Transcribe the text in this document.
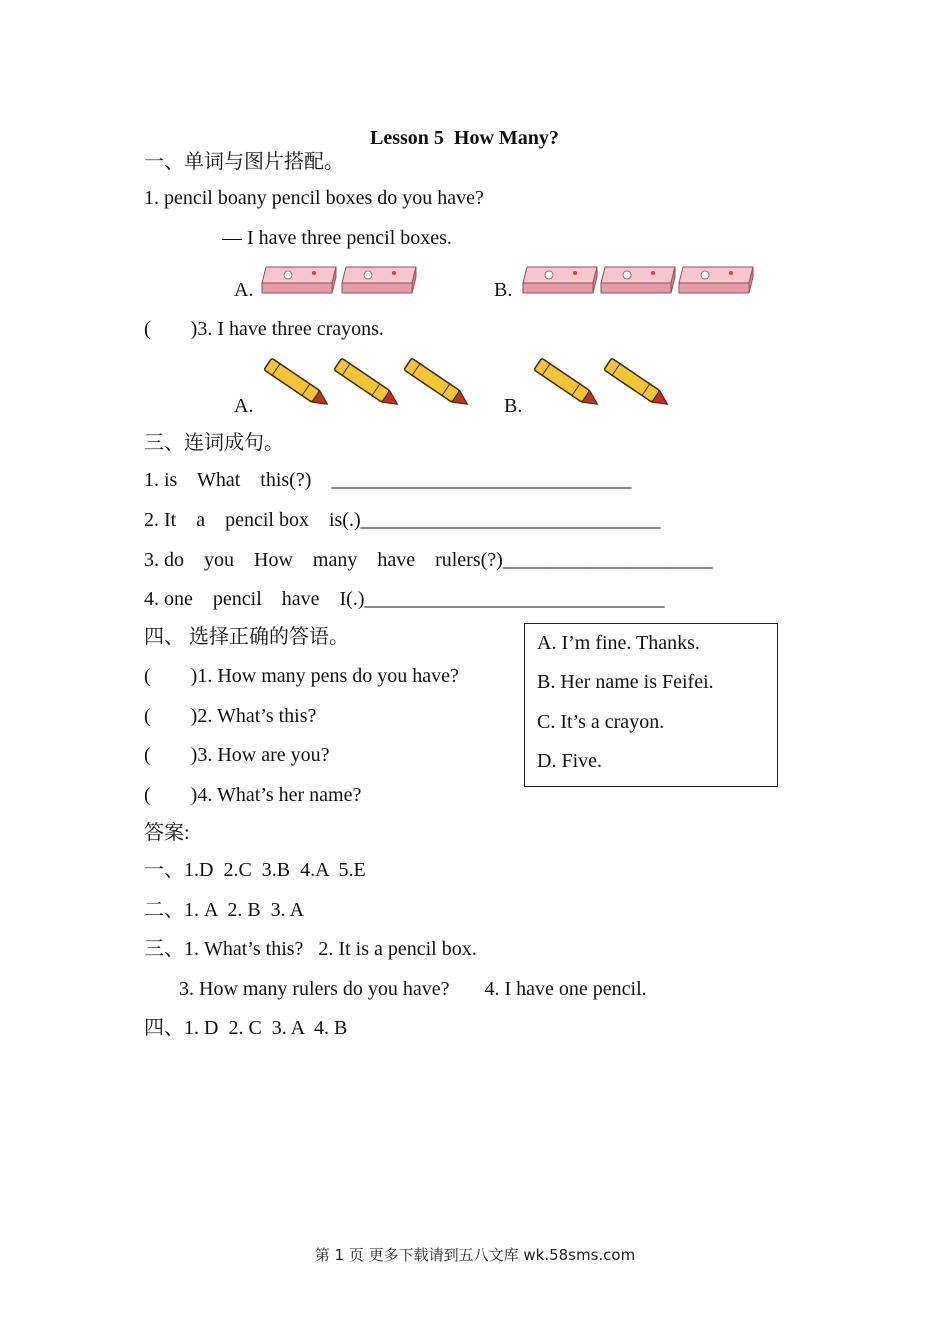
Lesson 5  How Many?
一、单词与图片搭配。
1. pencil boany pencil boxes do you have?
— I have three pencil boxes.
A.	B.
(        )3. I have three crayons.
A.	B.
三、连词成句。
1. is    What    this(?)    ______________________________
2. It    a    pencil box    is(.)______________________________
3. do    you    How    many    have    rulers(?)_____________________
4. one    pencil    have    I(.)______________________________
四、 选择正确的答语。
(        )1. How many pens do you have?
(        )2. What’s this?
(        )3. How are you?
(        )4. What’s her name?
A. I’m fine. Thanks.
B. Her name is Feifei.
C. It’s a crayon.
D. Five.
答案:
一、1.D  2.C  3.B  4.A  5.E
二、1. A  2. B  3. A
三、1. What’s this?   2. It is a pencil box.
3. How many rulers do you have?       4. I have one pencil.
四、1. D  2. C  3. A  4. B
第 1 页 更多下载请到五八文库 wk.58sms.com
